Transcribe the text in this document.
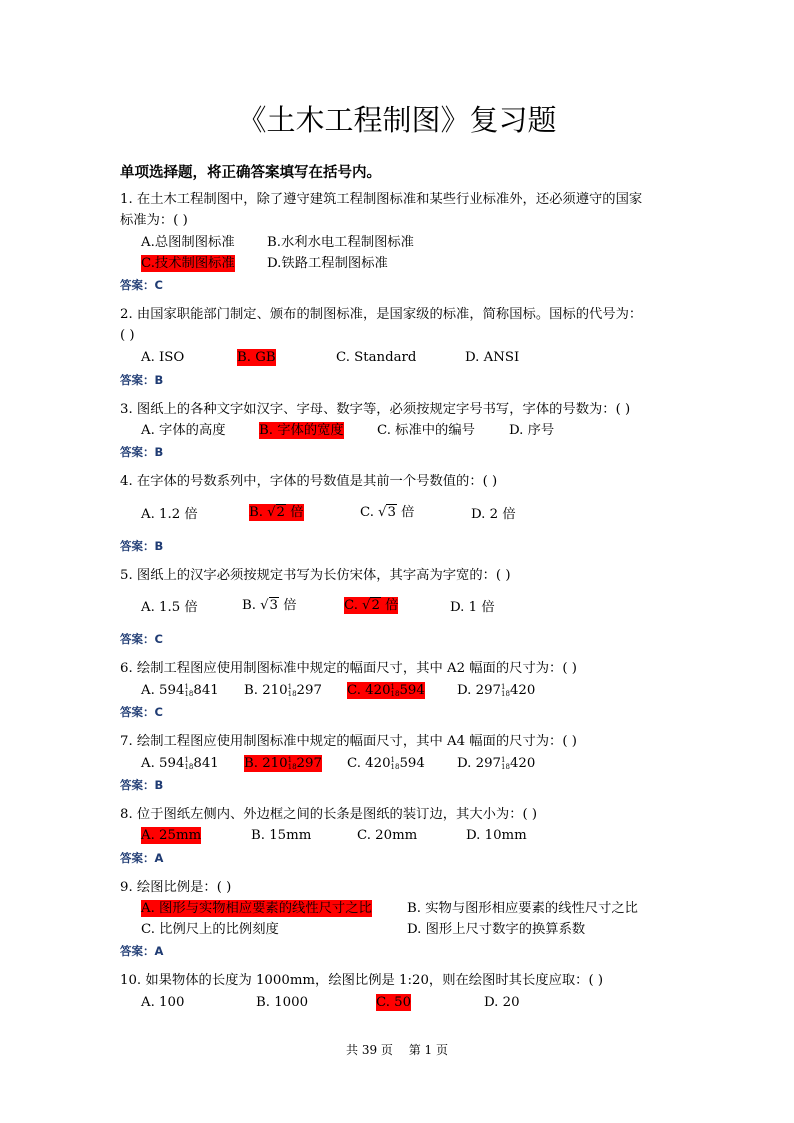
《土木工程制图》复习题
单项选择题，将正确答案填写在括号内。
1. 在土木工程制图中，除了遵守建筑工程制图标准和某些行业标准外，还必须遵守的国家
标准为：( )
A.总图制图标准 B.水利水电工程制图标准
C.技术制图标准 D.铁路工程制图标准
答案：C
2. 由国家职能部门制定、颁布的制图标准，是国家级的标准，简称国标。国标的代号为：
( )
A. ISO	B. GB	C. Standard	D. ANSI
答案：B
3. 图纸上的各种文字如汉字、字母、数字等，必须按规定字号书写，字体的号数为：( )
A. 字体的高度	B. 字体的宽度	C. 标准中的编号	D. 序号
答案：B
4. 在字体的号数系列中，字体的号数值是其前一个号数值的：( )
A. 1.2 倍	B. √2 倍	C. √3 倍	D. 2 倍
答案：B
5. 图纸上的汉字必须按规定书写为长仿宋体，其字高为字宽的：( )
A. 1.5 倍	B. √3 倍	C. √2 倍	D. 1 倍
答案：C
6. 绘制工程图应使用制图标准中规定的幅面尺寸，其中 A2 幅面的尺寸为：( )
A. 5941
18841 B. 2101
18297 C. 4201
18594 D. 2971
18420
答案：C
7. 绘制工程图应使用制图标准中规定的幅面尺寸，其中 A4 幅面的尺寸为：( )
A. 5941
18841 B. 2101
18297 C. 4201
18594 D. 2971
18420
答案：B
8. 位于图纸左侧内、外边框之间的长条是图纸的装订边，其大小为：( )
A. 25mm	B. 15mm	C. 20mm	D. 10mm
答案：A
9. 绘图比例是：( )
A. 图形与实物相应要素的线性尺寸之比	B. 实物与图形相应要素的线性尺寸之比
C. 比例尺上的比例刻度	D. 图形上尺寸数字的换算系数
答案：A
10. 如果物体的长度为 1000mm，绘图比例是 1:20，则在绘图时其长度应取：( )
A. 100	B. 1000	C. 50	D. 20
共 39 页 第 1 页
